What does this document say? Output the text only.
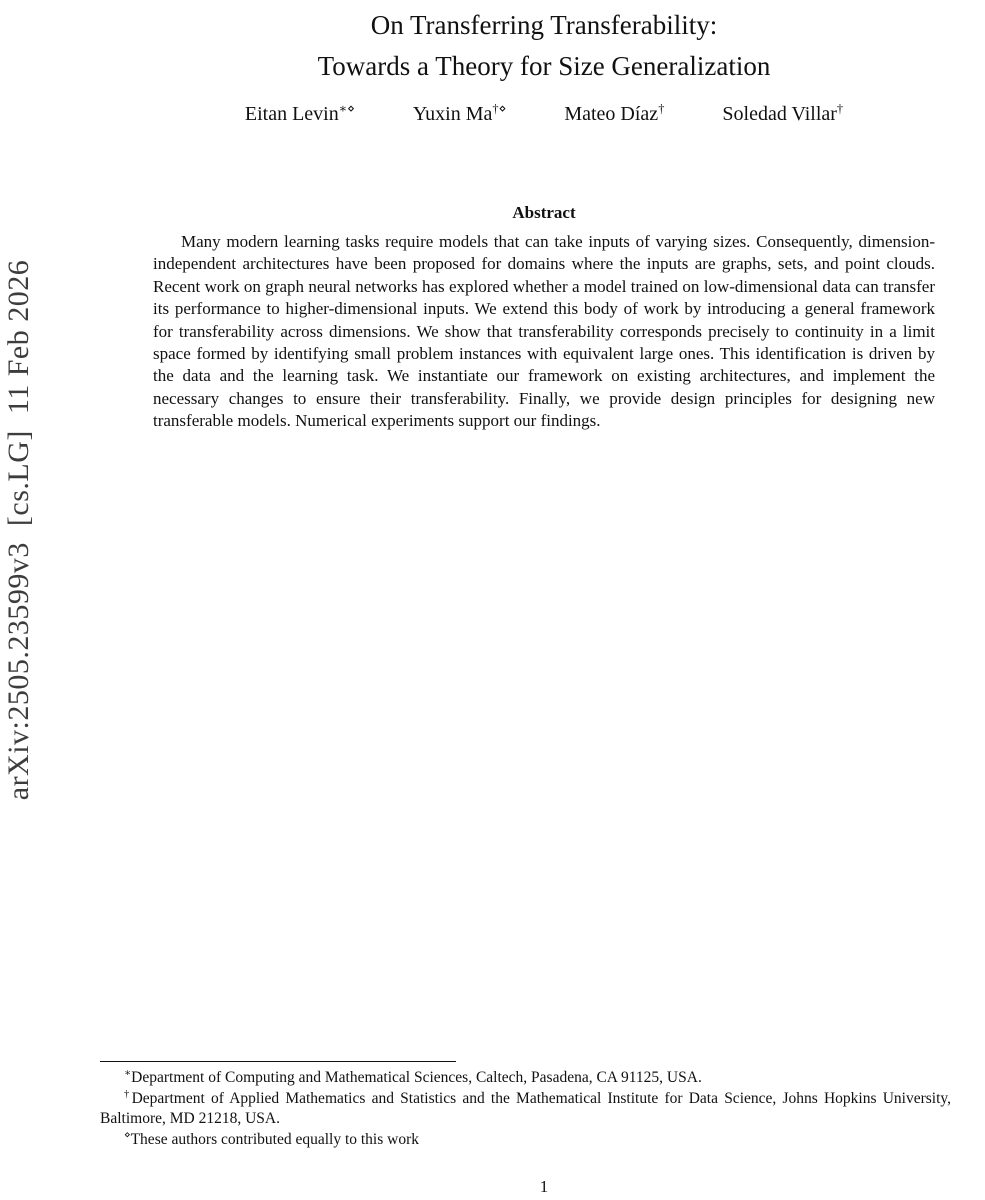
arXiv:2505.23599v3  [cs.LG]  11 Feb 2026
On Transferring Transferability:
Towards a Theory for Size Generalization
Eitan Levin∗⋄	Yuxin Ma†⋄	Mateo Díaz†	Soledad Villar†
Abstract

Many modern learning tasks require models that can take inputs of varying sizes. Consequently, dimension-independent architectures have been proposed for domains where the inputs are graphs, sets, and point clouds. Recent work on graph neural networks has explored whether a model trained on low-dimensional data can transfer its performance to higher-dimensional inputs. We extend this body of work by introducing a general framework for transferability across dimensions. We show that transferability corresponds precisely to continuity in a limit space formed by identifying small problem instances with equivalent large ones. This identification is driven by the data and the learning task. We instantiate our framework on existing architectures, and implement the necessary changes to ensure their transferability. Finally, we provide design principles for designing new transferable models. Numerical experiments support our findings.

∗Department of Computing and Mathematical Sciences, Caltech, Pasadena, CA 91125, USA.

†Department of Applied Mathematics and Statistics and the Mathematical Institute for Data Science, Johns Hopkins University, Baltimore, MD 21218, USA.

⋄These authors contributed equally to this work

1
